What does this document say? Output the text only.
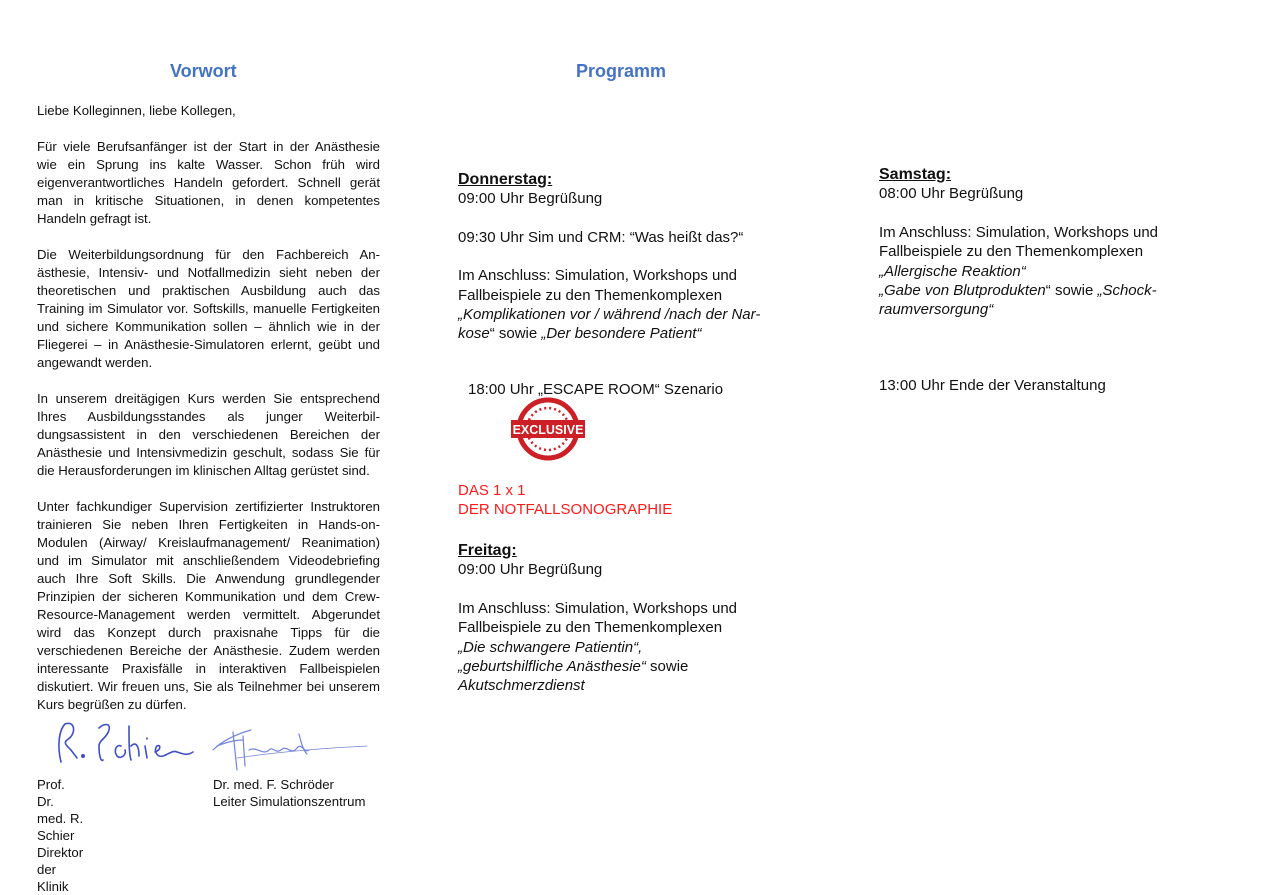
Vorwort	Programm

Liebe Kolleginnen, liebe Kollegen,

Für viele Berufsanfänger ist der Start in der Anästhesie wie ein Sprung ins kalte Wasser. Schon früh wird eigenverantwortliches Handeln gefordert. Schnell gerät man in kritische Situationen, in denen kompetentes Handeln gefragt ist.

Die Weiterbildungsordnung für den Fachbereich Anästhesie, Intensiv- und Notfallmedizin sieht neben der theoretischen und praktischen Ausbildung auch das Training im Simulator vor. Softskills, manuelle Fertigkeiten und sichere Kommunikation sollen – ähnlich wie in der Fliegerei – in Anästhesie-Simulatoren erlernt, geübt und angewandt werden.

In unserem dreitägigen Kurs werden Sie entsprechend Ihres Ausbildungsstandes als junger Weiterbildungsassistent in den verschiedenen Bereichen der Anästhesie und Intensivmedizin geschult, sodass Sie für die Herausforderungen im klinischen Alltag gerüstet sind.

Unter fachkundiger Supervision zertifizierter Instruktoren trainieren Sie neben Ihren Fertigkeiten in Hands-on-Modulen (Airway/ Kreislaufmanagement/ Reanimation) und im Simulator mit anschließendem Videodebriefing auch Ihre Soft Skills. Die Anwendung grundlegender Prinzipien der sicheren Kommunikation und dem Crew-Resource-Management werden vermittelt. Abgerundet wird das Konzept durch praxisnahe Tipps für die verschiedenen Bereiche der Anästhesie. Zudem werden interessante Praxisfälle in interaktiven Fallbeispielen diskutiert. Wir freuen uns, Sie als Teilnehmer bei unserem Kurs begrüßen zu dürfen.

Prof. Dr. med. R. Schier
Direktor der Klinik
Dr. med. F. Schröder
Leiter Simulationszentrum
Donnerstag:
09:00 Uhr Begrüßung
09:30 Uhr Sim und CRM: “Was heißt das?“
Im Anschluss: Simulation, Workshops und
Fallbeispiele zu den Themenkomplexen
„Komplikationen vor / während /nach der Nar-
kose“ sowie „Der besondere Patient“
18:00 Uhr „ESCAPE ROOM“ Szenario
EXCLUSIVE
DAS 1 x 1
DER NOTFALLSONOGRAPHIE
Freitag:
09:00 Uhr Begrüßung
Im Anschluss: Simulation, Workshops und
Fallbeispiele zu den Themenkomplexen
„Die schwangere Patientin“,
„geburtshilfliche Anästhesie“ sowie
Akutschmerzdienst
Samstag:
08:00 Uhr Begrüßung
Im Anschluss: Simulation, Workshops und
Fallbeispiele zu den Themenkomplexen
„Allergische Reaktion“
„Gabe von Blutprodukten“ sowie „Schock-
raumversorgung“
13:00 Uhr Ende der Veranstaltung
